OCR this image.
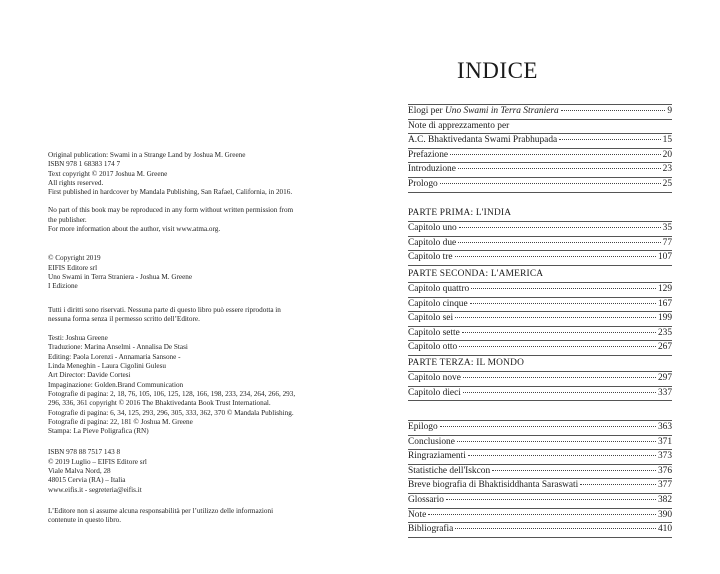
Original publication: Swami in a Strange Land by Joshua M. Greene
ISBN 978 1 68383 174 7
Text copyright © 2017 Joshua M. Greene
All rights reserved.
First published in hardcover by Mandala Publishing, San Rafael, California, in 2016.
No part of this book may be reproduced in any form without written permission from
the publisher.
For more information about the author, visit www.atma.org.
© Copyright 2019
EIFIS Editore srl
Uno Swami in Terra Straniera - Joshua M. Greene
I Edizione
Tutti i diritti sono riservati. Nessuna parte di questo libro può essere riprodotta in
nessuna forma senza il permesso scritto dell’Editore.
Testi: Joshua Greene
Traduzione: Marina Anselmi - Annalisa De Stasi
Editing: Paola Lorenzi - Annamaria Sansone -
Linda Meneghin - Laura Cigolini Gulesu
Art Director: Davide Cortesi
Impaginazione: Golden.Brand Communication
Fotografie di pagina: 2, 18, 76, 105, 106, 125, 128, 166, 198, 233, 234, 264, 266, 293,
296, 336, 361 copyright © 2016 The Bhaktivedanta Book Trust International.
Fotografie di pagina: 6, 34, 125, 293, 296, 305, 333, 362, 370 © Mandala Publishing.
Fotografie di pagina: 22, 181 © Joshua M. Greene
Stampa: La Pieve Poligrafica (RN)
ISBN 978 88 7517 143 8
© 2019 Luglio – EIFIS Editore srl
Viale Malva Nord, 28
48015 Cervia (RA) – Italia
www.eifis.it - segreteria@eifis.it
L’Editore non si assume alcuna responsabilità per l’utilizzo delle informazioni
contenute in questo libro.
INDICE
Elogi per Uno Swami in Terra Straniera	9
Note di apprezzamento per
A.C. Bhaktivedanta Swami Prabhupada	15
Prefazione	20
Introduzione	23
Prologo	25
PARTE PRIMA: L'INDIA
Capitolo uno	35
Capitolo due	77
Capitolo tre	107
PARTE SECONDA: L'AMERICA
Capitolo quattro	129
Capitolo cinque	167
Capitolo sei	199
Capitolo sette	235
Capitolo otto	267
PARTE TERZA: IL MONDO
Capitolo nove	297
Capitolo dieci	337
Epilogo	363
Conclusione	371
Ringraziamenti	373
Statistiche dell'Iskcon	376
Breve biografia di Bhaktisiddhanta Saraswati	377
Glossario	382
Note	390
Bibliografia	410
